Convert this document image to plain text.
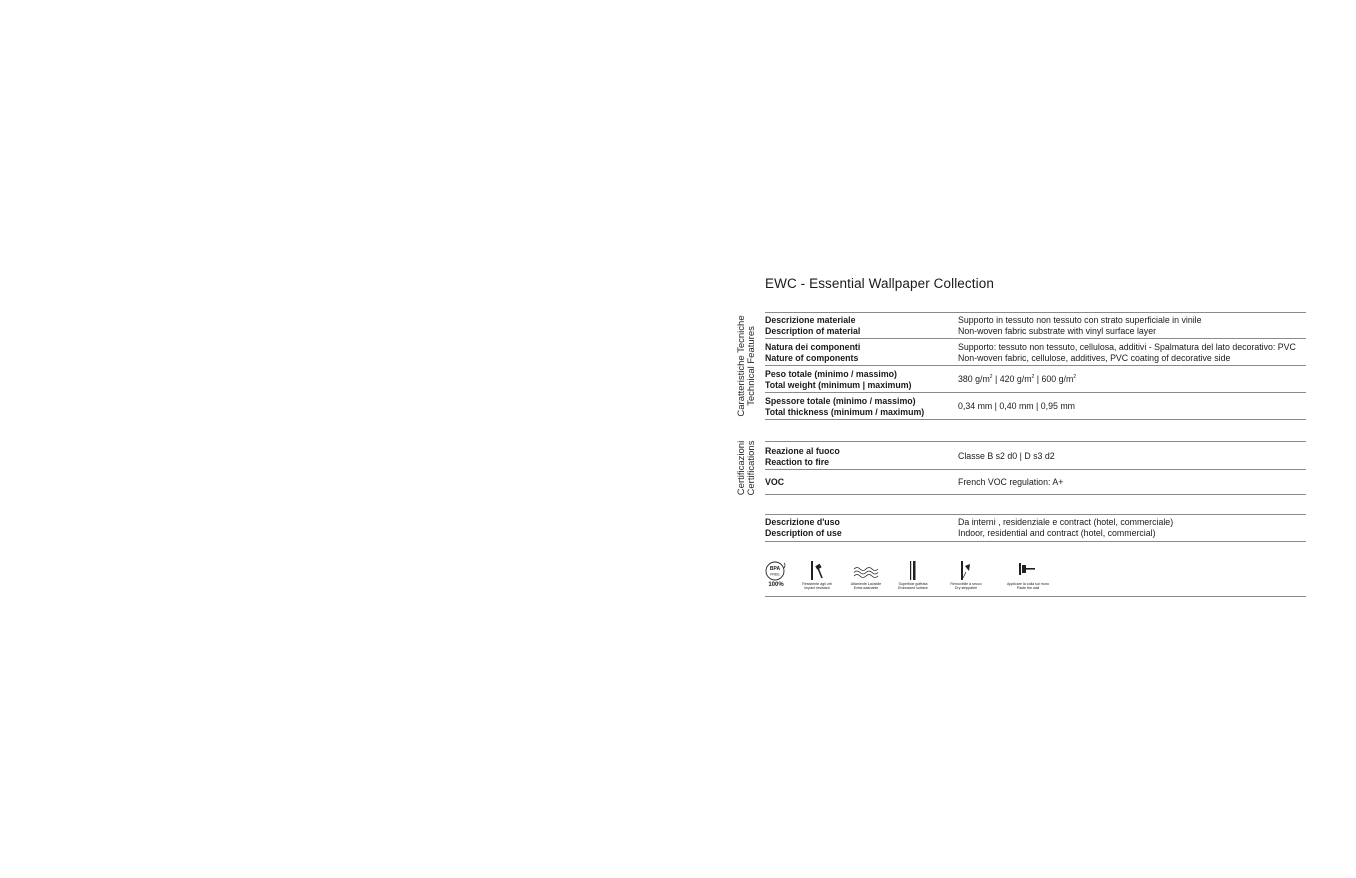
EWC - Essential Wallpaper Collection
Caratteristiche Tecniche Technical Features
Certificazioni Certifications
Descrizione materiale
Description of material
Supporto in tessuto non tessuto con strato superficiale in vinile
Non-woven fabric substrate with vinyl surface layer
Natura dei componenti
Nature of components
Supporto: tessuto non tessuto, cellulosa, additivi - Spalmatura del lato decorativo: PVC
Non-woven fabric, cellulose, additives, PVC coating of decorative side
Peso totale (minimo / massimo)
Total weight (minimum | maximum)
380 $g/m^2$ | 420 $g/m^2$ | 600 $g/m^2$
Spessore totale (minimo / massimo)
Total thickness (minimum / maximum)
0,34 mm | 0,40 mm | 0,95 mm
Reazione al fuoco
Reaction to fire
Classe B s2 d0 | D s3 d2
VOC	French VOC regulation: A+
Descrizione d'uso
Description of use
Da interni , residenziale e contract (hotel, commerciale)
Indoor, residential and contract (hotel, commercial)
BPA
FREE
100%	Resistente agli urti
Impact resistant
Altamente Lavabile
Extra washable
Superficie goffrata
Embossed surface
Removibile a secco
Dry strippable
Applicare la colla sul muro
Paste the wall
